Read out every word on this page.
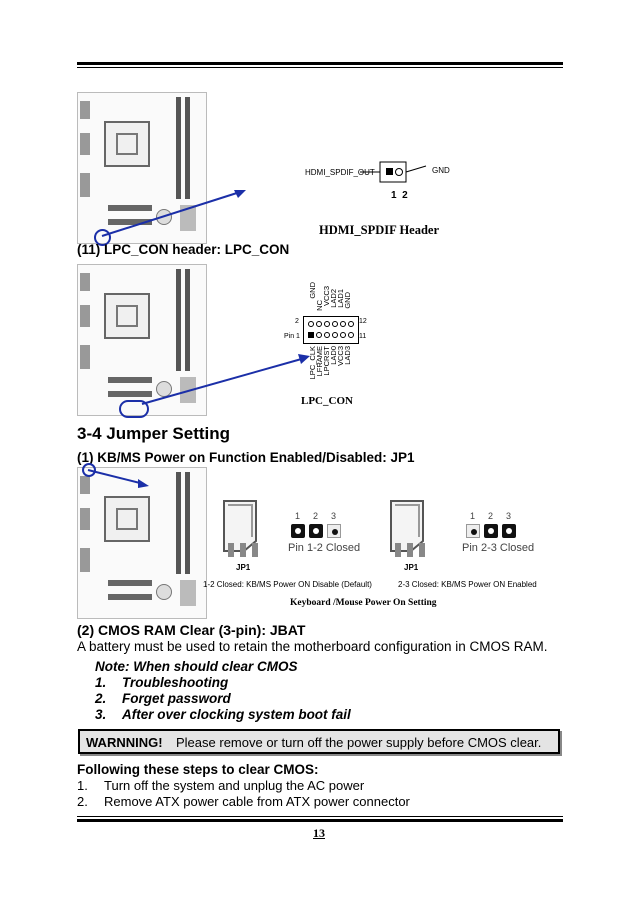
HDMI_SPDIF_OUT	GND
1  2
HDMI_SPDIF Header
(11) LPC_CON header: LPC_CON
GND
NC
VCC3
LAD2
LAD1
GND
2
Pin 1
12
11
LPC_CLK
LFRAME
LPCRST
LAD0
VCC3
LAD3
LPC_CON
3-4 Jumper Setting
(1) KB/MS Power on Function Enabled/Disabled: JP1
1 2 3
Pin 1-2 Closed
1 2 3
Pin 2-3 Closed
JP1	JP1
1-2 Closed: KB/MS Power ON Disable (Default)	2-3 Closed: KB/MS Power ON Enabled
Keyboard /Mouse Power On Setting
(2) CMOS RAM Clear (3-pin): JBAT
A battery must be used to retain the motherboard configuration in CMOS RAM.
Note: When should clear CMOS
1. Troubleshooting
2. Forget password
3. After over clocking system boot fail
WARNNING! Please remove or turn off the power supply before CMOS clear.
Following these steps to clear CMOS:
1. Turn off the system and unplug the AC power
2. Remove ATX power cable from ATX power connector
13
